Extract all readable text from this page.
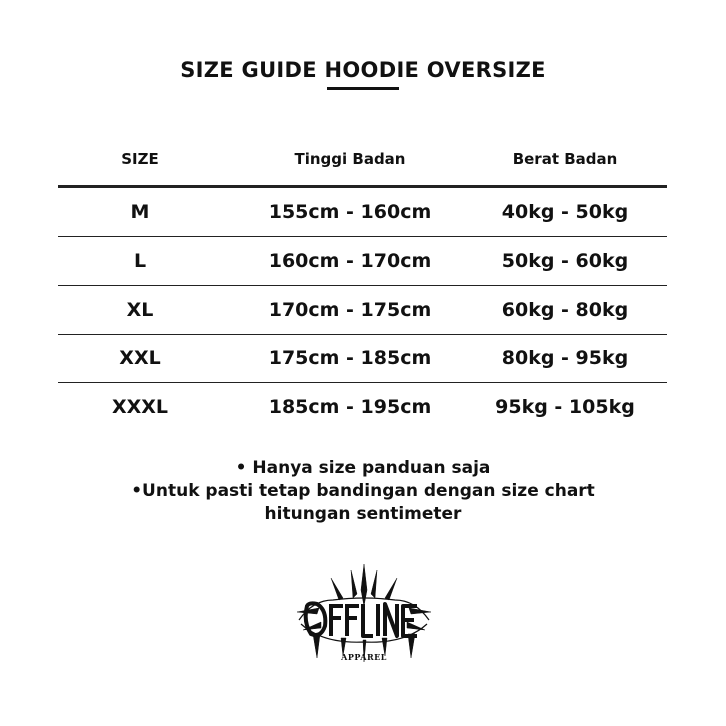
SIZE GUIDE HOODIE OVERSIZE
SIZE	Tinggi Badan	Berat Badan
M	155cm - 160cm	40kg - 50kg
L	160cm - 170cm	50kg - 60kg
XL	170cm - 175cm	60kg - 80kg
XXL	175cm - 185cm	80kg - 95kg
XXXL	185cm - 195cm	95kg - 105kg
• Hanya size panduan saja
•Untuk pasti tetap bandingan dengan size chart
hitungan sentimeter
APPAREL
